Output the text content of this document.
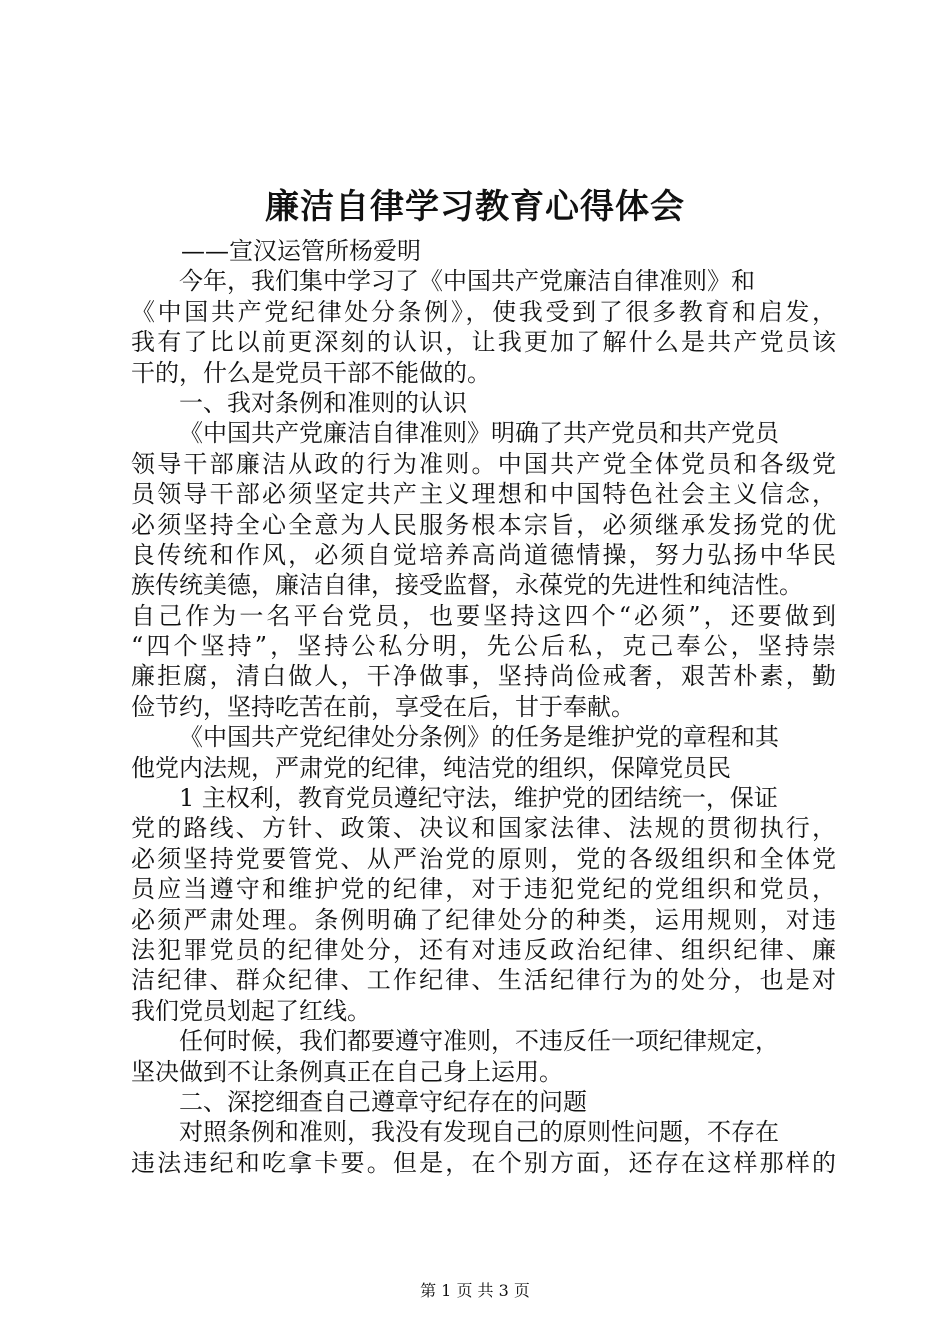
廉洁自律学习教育心得体会
——宣汉运管所杨爱明
今年，我们集中学习了《中国共产党廉洁自律准则》和
《中国共产党纪律处分条例》，使我受到了很多教育和启发，
我有了比以前更深刻的认识，让我更加了解什么是共产党员该
干的，什么是党员干部不能做的。
一、我对条例和准则的认识
《中国共产党廉洁自律准则》明确了共产党员和共产党员
领导干部廉洁从政的行为准则。中国共产党全体党员和各级党
员领导干部必须坚定共产主义理想和中国特色社会主义信念，
必须坚持全心全意为人民服务根本宗旨，必须继承发扬党的优
良传统和作风，必须自觉培养高尚道德情操，努力弘扬中华民
族传统美德，廉洁自律，接受监督，永葆党的先进性和纯洁性。
自己作为一名平台党员，也要坚持这四个“必须”，还要做到
“四个坚持”，坚持公私分明，先公后私，克己奉公，坚持崇
廉拒腐，清白做人，干净做事，坚持尚俭戒奢，艰苦朴素，勤
俭节约，坚持吃苦在前，享受在后，甘于奉献。
《中国共产党纪律处分条例》的任务是维护党的章程和其
他党内法规，严肃党的纪律，纯洁党的组织，保障党员民
1 主权利，教育党员遵纪守法，维护党的团结统一，保证
党的路线、方针、政策、决议和国家法律、法规的贯彻执行，
必须坚持党要管党、从严治党的原则，党的各级组织和全体党
员应当遵守和维护党的纪律，对于违犯党纪的党组织和党员，
必须严肃处理。条例明确了纪律处分的种类，运用规则，对违
法犯罪党员的纪律处分，还有对违反政治纪律、组织纪律、廉
洁纪律、群众纪律、工作纪律、生活纪律行为的处分，也是对
我们党员划起了红线。
任何时候，我们都要遵守准则，不违反任一项纪律规定，
坚决做到不让条例真正在自己身上运用。
二、深挖细查自己遵章守纪存在的问题
对照条例和准则，我没有发现自己的原则性问题，不存在
违法违纪和吃拿卡要。但是，在个别方面，还存在这样那样的
第 1 页 共 3 页
